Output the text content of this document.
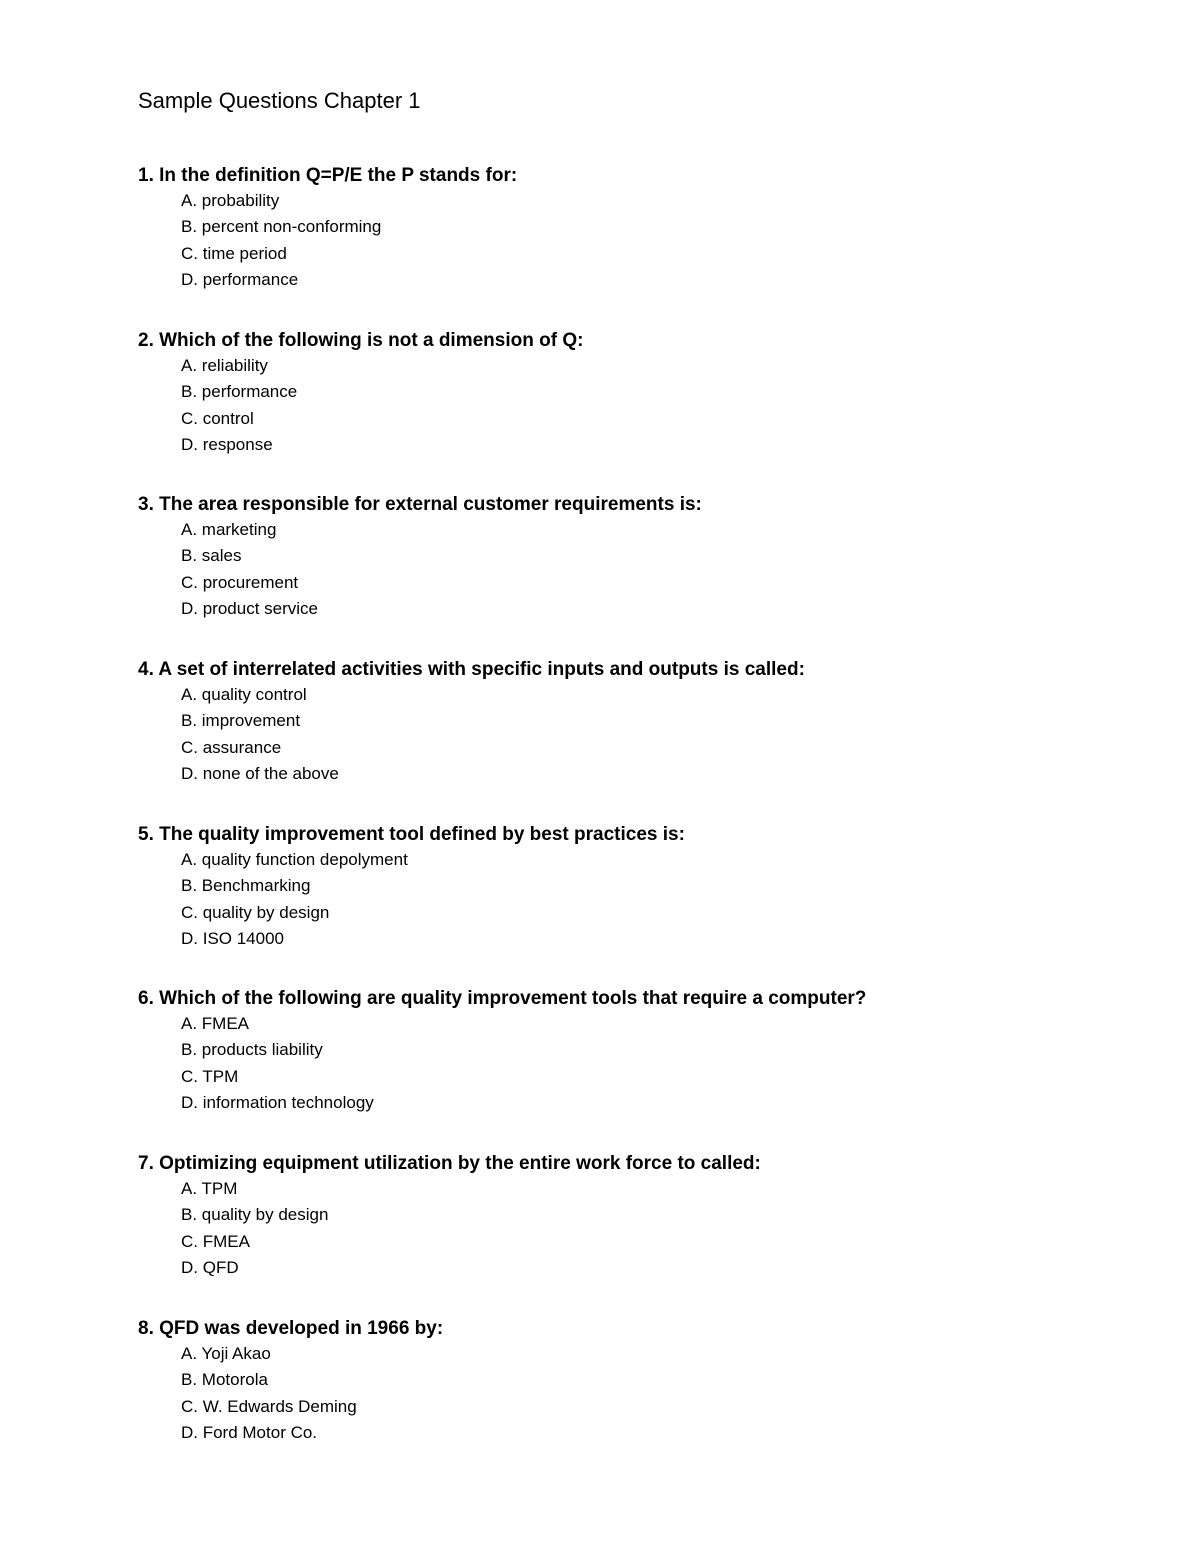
Sample Questions Chapter 1

1. In the definition Q=P/E the P stands for:

A. probability
B. percent non-conforming
C. time period
D. performance

2. Which of the following is not a dimension of Q:

A. reliability
B. performance
C. control
D. response

3. The area responsible for external customer requirements is:

A. marketing
B. sales
C. procurement
D. product service

4. A set of interrelated activities with specific inputs and outputs is called:

A. quality control
B. improvement
C. assurance
D. none of the above

5. The quality improvement tool defined by best practices is:

A. quality function depolyment
B. Benchmarking
C. quality by design
D. ISO 14000

6. Which of the following are quality improvement tools that require a computer?

A. FMEA
B. products liability
C. TPM
D. information technology

7. Optimizing equipment utilization by the entire work force to called:

A. TPM
B. quality by design
C. FMEA
D. QFD

8. QFD was developed in 1966 by:

A. Yoji Akao
B. Motorola
C. W. Edwards Deming
D. Ford Motor Co.
